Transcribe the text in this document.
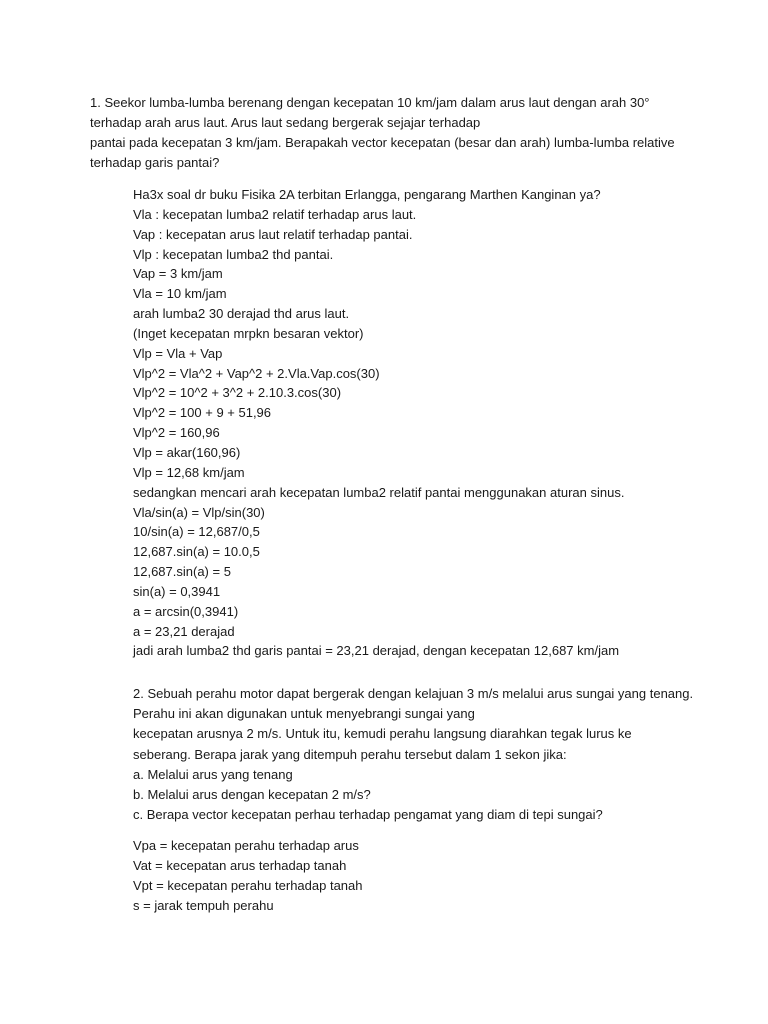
1. Seekor lumba-lumba berenang dengan kecepatan 10 km/jam dalam arus laut dengan arah 30°
terhadap arah arus laut. Arus laut sedang bergerak sejajar terhadap
pantai pada kecepatan 3 km/jam. Berapakah vector kecepatan (besar dan arah) lumba-lumba relative
terhadap garis pantai?
Ha3x soal dr buku Fisika 2A terbitan Erlangga, pengarang Marthen Kanginan ya?
Vla : kecepatan lumba2 relatif terhadap arus laut.
Vap : kecepatan arus laut relatif terhadap pantai.
Vlp : kecepatan lumba2 thd pantai.
Vap = 3 km/jam
Vla = 10 km/jam
arah lumba2 30 derajad thd arus laut.
(Inget kecepatan mrpkn besaran vektor)
Vlp = Vla + Vap
Vlp^2 = Vla^2 + Vap^2 + 2.Vla.Vap.cos(30)
Vlp^2 = 10^2 + 3^2 + 2.10.3.cos(30)
Vlp^2 = 100 + 9 + 51,96
Vlp^2 = 160,96
Vlp = akar(160,96)
Vlp = 12,68 km/jam
sedangkan mencari arah kecepatan lumba2 relatif pantai menggunakan aturan sinus.
Vla/sin(a) = Vlp/sin(30)
10/sin(a) = 12,687/0,5
12,687.sin(a) = 10.0,5
12,687.sin(a) = 5
sin(a) = 0,3941
a = arcsin(0,3941)
a = 23,21 derajad
jadi arah lumba2 thd garis pantai = 23,21 derajad, dengan kecepatan 12,687 km/jam
2. Sebuah perahu motor dapat bergerak dengan kelajuan 3 m/s melalui arus sungai yang tenang.
Perahu ini akan digunakan untuk menyebrangi sungai yang
kecepatan arusnya 2 m/s. Untuk itu, kemudi perahu langsung diarahkan tegak lurus ke
seberang. Berapa jarak yang ditempuh perahu tersebut dalam 1 sekon jika:
a. Melalui arus yang tenang
b. Melalui arus dengan kecepatan 2 m/s?
c. Berapa vector kecepatan perhau terhadap pengamat yang diam di tepi sungai?
Vpa = kecepatan perahu terhadap arus
Vat = kecepatan arus terhadap tanah
Vpt = kecepatan perahu terhadap tanah
s = jarak tempuh perahu
